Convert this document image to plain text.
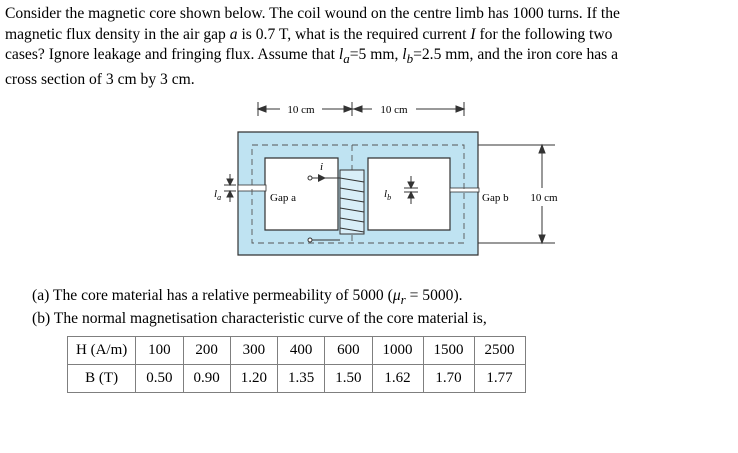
Consider the magnetic core shown below. The coil wound on the centre limb has 1000 turns. If the
magnetic flux density in the air gap a is 0.7 T, what is the required current I for the following two
cases? Ignore leakage and fringing flux. Assume that $l_a=5$ mm, $l_b=2.5$ mm, and the iron core has a
cross section of 3 cm by 3 cm.
10 cm	10 cm
i
Gap a	Gap b
$l_a$	$l_b$	10 cm
(a) The core material has a relative permeability of 5000 $(\mu_r = 5000)$.
(b) The normal magnetisation characteristic curve of the core material is,
H (A/m)	100	200	300	400	600	1000	1500	2500
B (T)	0.50	0.90	1.20	1.35	1.50	1.62	1.70	1.77
